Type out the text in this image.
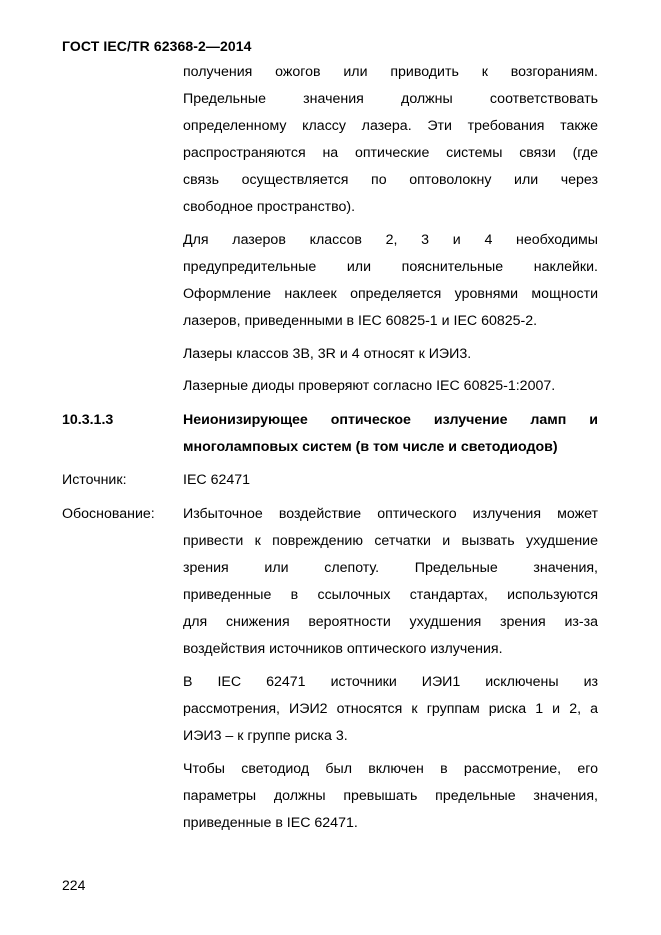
ГОСТ IEC/TR 62368-2—2014
получения ожогов или приводить к возгораниям.
Предельные значения должны соответствовать
определенному классу лазера. Эти требования также
распространяются на оптические системы связи (где
связь осуществляется по оптоволокну или через
свободное пространство).
Для лазеров классов 2, 3 и 4 необходимы
предупредительные или пояснительные наклейки.
Оформление наклеек определяется уровнями мощности
лазеров, приведенными в IEC 60825-1 и IEC 60825-2.
Лазеры классов 3B, 3R и 4 относят к ИЭИ3.
Лазерные диоды проверяют согласно IEC 60825-1:2007.
10.3.1.3	Неионизирующее оптическое излучение ламп и
многоламповых систем (в том числе и светодиодов)
Источник:	IEC 62471
Обоснование: Избыточное воздействие оптического излучения может
привести к повреждению сетчатки и вызвать ухудшение
зрения или слепоту. Предельные значения,
приведенные в ссылочных стандартах, используются
для снижения вероятности ухудшения зрения из-за
воздействия источников оптического излучения.
В IEC 62471 источники ИЭИ1 исключены из
рассмотрения, ИЭИ2 относятся к группам риска 1 и 2, а
ИЭИ3 – к группе риска 3.
Чтобы светодиод был включен в рассмотрение, его
параметры должны превышать предельные значения,
приведенные в IEC 62471.
224
